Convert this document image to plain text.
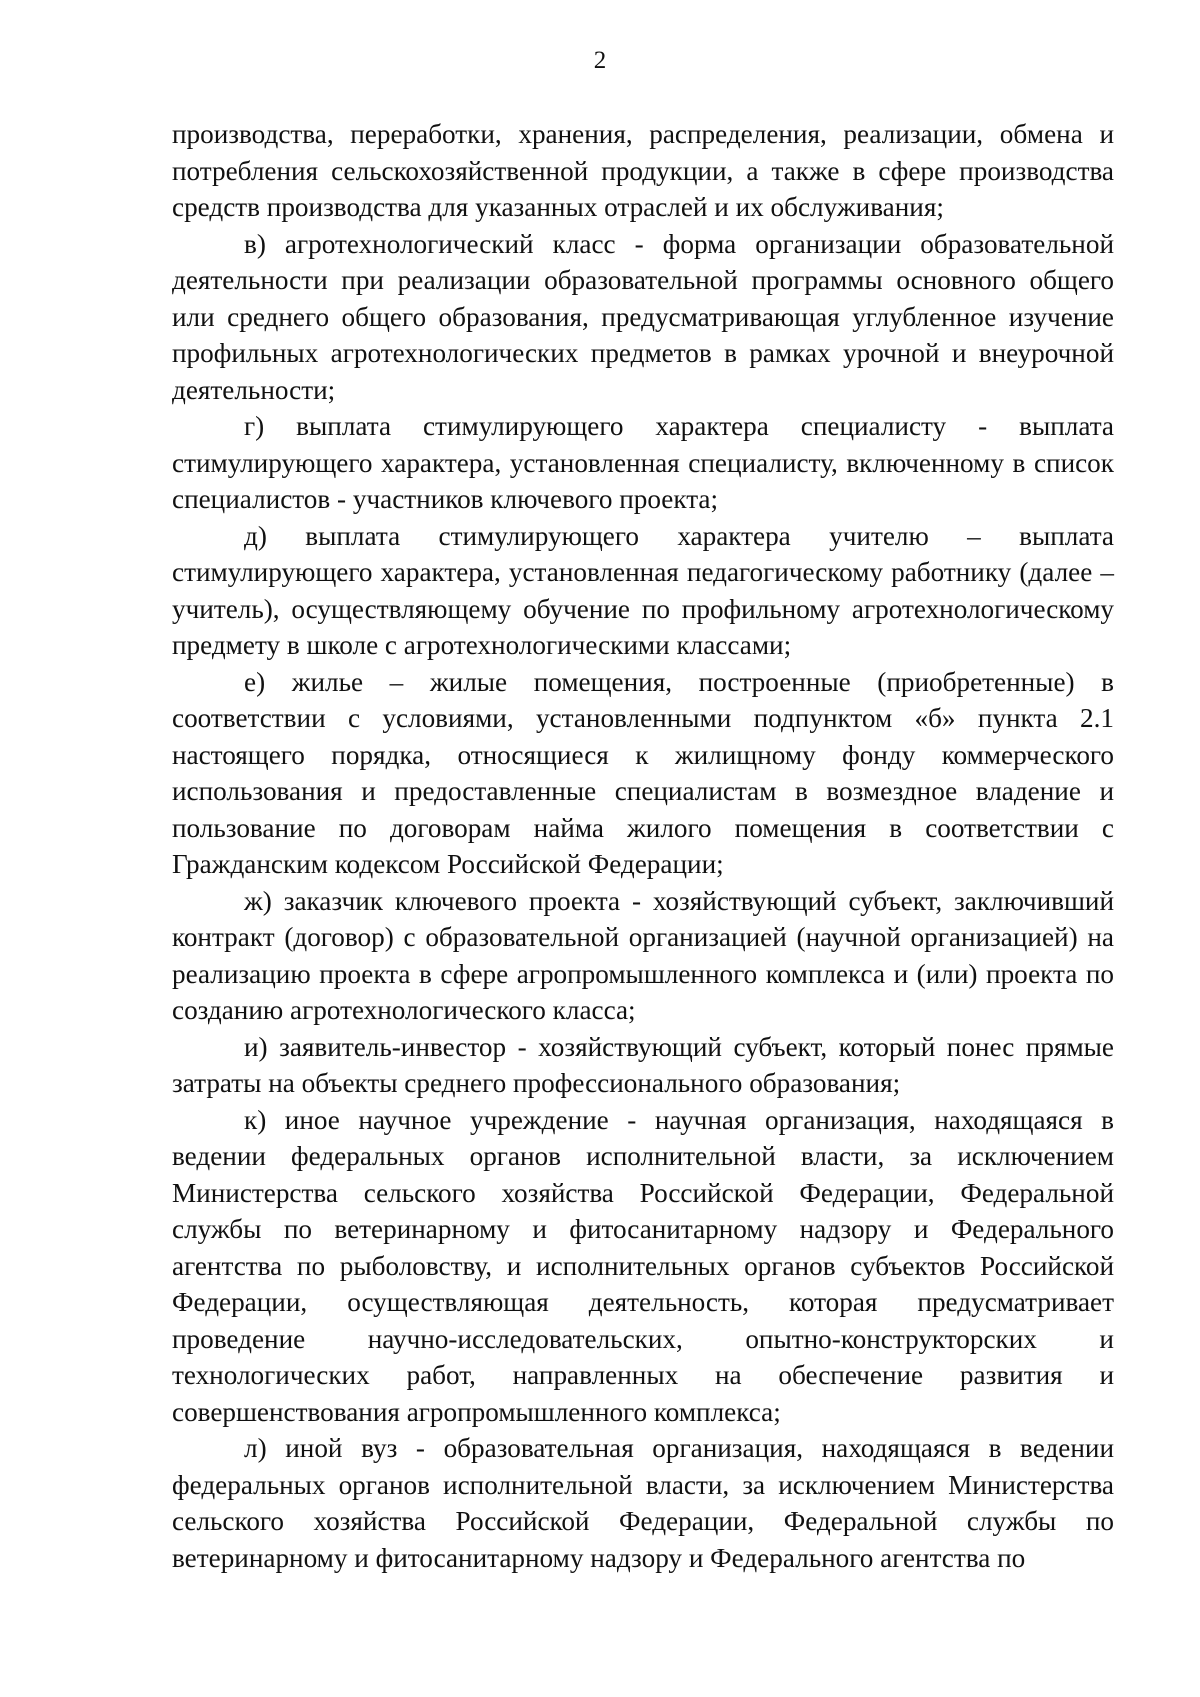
2

производства, переработки, хранения, распределения, реализации, обмена и потребления сельскохозяйственной продукции, а также в сфере производства средств производства для указанных отраслей и их обслуживания;

в) агротехнологический класс - форма организации образовательной деятельности при реализации образовательной программы основного общего или среднего общего образования, предусматривающая углубленное изучение профильных агротехнологических предметов в рамках урочной и внеурочной деятельности;

г) выплата стимулирующего характера специалисту - выплата стимулирующего характера, установленная специалисту, включенному в список специалистов - участников ключевого проекта;

д) выплата стимулирующего характера учителю – выплата стимулирующего характера, установленная педагогическому работнику (далее – учитель), осуществляющему обучение по профильному агротехнологическому предмету в школе с агротехнологическими классами;

е) жилье – жилые помещения, построенные (приобретенные) в соответствии с условиями, установленными подпунктом «б» пункта 2.1 настоящего порядка, относящиеся к жилищному фонду коммерческого использования и предоставленные специалистам в возмездное владение и пользование по договорам найма жилого помещения в соответствии с Гражданским кодексом Российской Федерации;

ж) заказчик ключевого проекта - хозяйствующий субъект, заключивший контракт (договор) с образовательной организацией (научной организацией) на реализацию проекта в сфере агропромышленного комплекса и (или) проекта по созданию агротехнологического класса;

и) заявитель-инвестор - хозяйствующий субъект, который понес прямые затраты на объекты среднего профессионального образования;

к) иное научное учреждение - научная организация, находящаяся в ведении федеральных органов исполнительной власти, за исключением Министерства сельского хозяйства Российской Федерации, Федеральной службы по ветеринарному и фитосанитарному надзору и Федерального агентства по рыболовству, и исполнительных органов субъектов Российской Федерации, осуществляющая деятельность, которая предусматривает проведение научно-исследовательских, опытно-конструкторских и технологических работ, направленных на обеспечение развития и совершенствования агропромышленного комплекса;

л) иной вуз - образовательная организация, находящаяся в ведении федеральных органов исполнительной власти, за исключением Министерства сельского хозяйства Российской Федерации, Федеральной службы по ветеринарному и фитосанитарному надзору и Федерального агентства по
